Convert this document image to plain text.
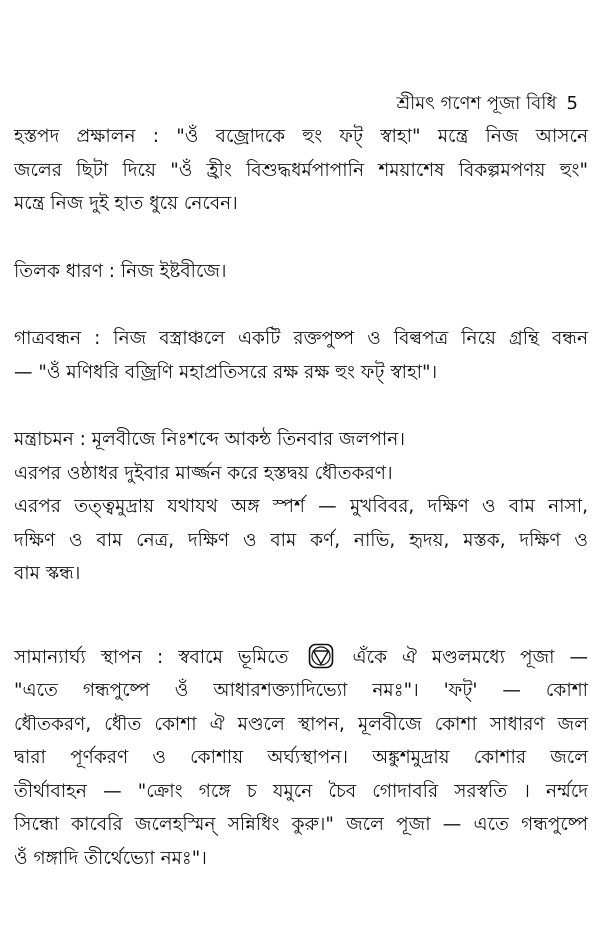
শ্রীমৎ গণেশ পূজা বিধি 5
হস্তপদ প্রক্ষালন : "ওঁ বজ্রোদকে হুং ফট্ স্বাহা" মন্ত্রে নিজ আসনে
জলের ছিটা দিয়ে "ওঁ হ্রীং বিশুদ্ধধর্মপাপানি শময়াশেষ বিকল্পমপণয় হুং"
মন্ত্রে নিজ দুই হাত ধুয়ে নেবেন।
তিলক ধারণ : নিজ ইষ্টবীজে।
গাত্রবন্ধন : নিজ বস্ত্রাঞ্চলে একটি রক্তপুষ্প ও বিল্বপত্র নিয়ে গ্রন্থি বন্ধন
— "ওঁ মণিধরি বজ্রিণি মহাপ্রতিসরে রক্ষ রক্ষ হুং ফট্ স্বাহা"।
মন্ত্রাচমন : মূলবীজে নিঃশব্দে আকন্ঠ তিনবার জলপান।
এরপর ওষ্ঠাধর দুইবার মার্জ্জন করে হস্তদ্বয় ধৌতকরণ।
এরপর তত্ত্বমুদ্রায় যথাযথ অঙ্গ স্পর্শ — মুখবিবর, দক্ষিণ ও বাম নাসা,
দক্ষিণ ও বাম নেত্র, দক্ষিণ ও বাম কর্ণ, নাভি, হৃদয়, মস্তক, দক্ষিণ ও
বাম স্কন্ধ।
সামান্যার্ঘ্য স্থাপন : স্ববামে ভূমিতে	এঁকে ঐ মণ্ডলমধ্যে পূজা —
"এতে গন্ধপুষ্পে ওঁ আধারশক্ত্যাদিভ্যো নমঃ"। 'ফট্' — কোশা
ধৌতকরণ, ধৌত কোশা ঐ মণ্ডলে স্থাপন, মূলবীজে কোশা সাধারণ জল
দ্বারা পূর্ণকরণ ও কোশায় অর্ঘ্যস্থাপন। অঙ্কুশমুদ্রায় কোশার জলে
তীর্থাবাহন — "ক্রোং গঙ্গে চ যমুনে চৈব গোদাবরি সরস্বতি । নর্ম্মদে
সিন্ধো কাবেরি জলেহস্মিন্ সন্নিধিং কুরু।" জলে পূজা — এতে গন্ধপুষ্পে
ওঁ গঙ্গাদি তীর্থেভ্যো নমঃ"।
